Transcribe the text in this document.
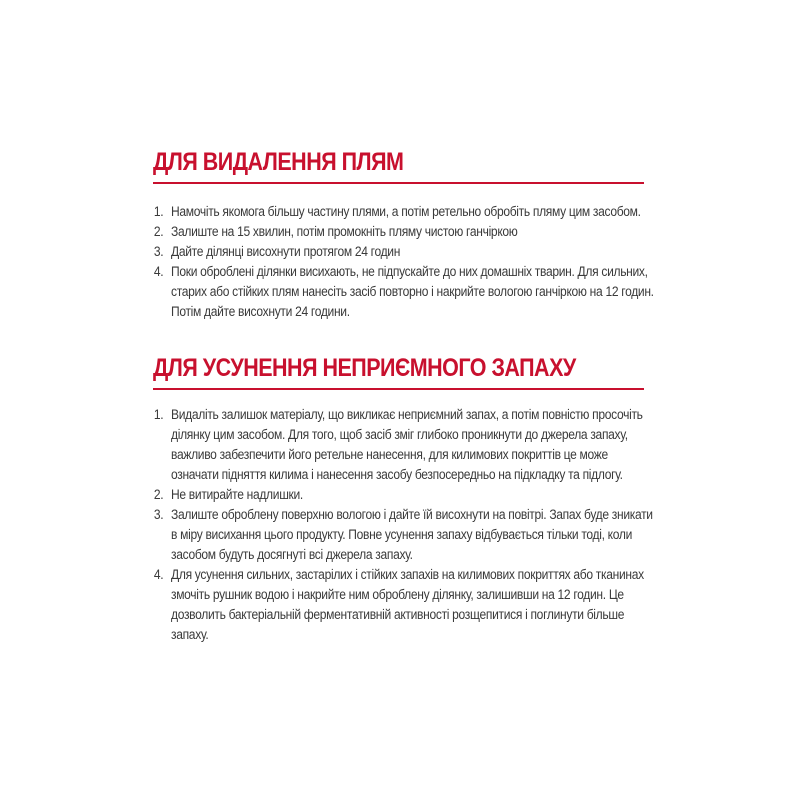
ДЛЯ ВИДАЛЕННЯ ПЛЯМ
1. Намочіть якомога більшу частину плями, а потім ретельно обробіть пляму цим засобом.
2. Залиште на 15 хвилин, потім промокніть пляму чистою ганчіркою
3. Дайте ділянці висохнути протягом 24 годин
4. Поки оброблені ділянки висихають, не підпускайте до них домашніх тварин. Для сильних, старих або стійких плям нанесіть засіб повторно і накрийте вологою ганчіркою на 12 годин. Потім дайте висохнути 24 години.
ДЛЯ УСУНЕННЯ НЕПРИЄМНОГО ЗАПАХУ
1. Видаліть залишок матеріалу, що викликає неприємний запах, а потім повністю просочіть ділянку цим засобом. Для того, щоб засіб зміг глибоко проникнути до джерела запаху, важливо забезпечити його ретельне нанесення, для килимових покриттів це може означати підняття килима і нанесення засобу безпосередньо на підкладку та підлогу.
2. Не витирайте надлишки.
3. Залиште оброблену поверхню вологою і дайте їй висохнути на повітрі. Запах буде зникати в міру висихання цього продукту. Повне усунення запаху відбувається тільки тоді, коли засобом будуть досягнуті всі джерела запаху.
4. Для усунення сильних, застарілих і стійких запахів на килимових покриттях або тканинах змочіть рушник водою і накрийте ним оброблену ділянку, залишивши на 12 годин. Це дозволить бактеріальній ферментативній активності розщепитися і поглинути більше запаху.
